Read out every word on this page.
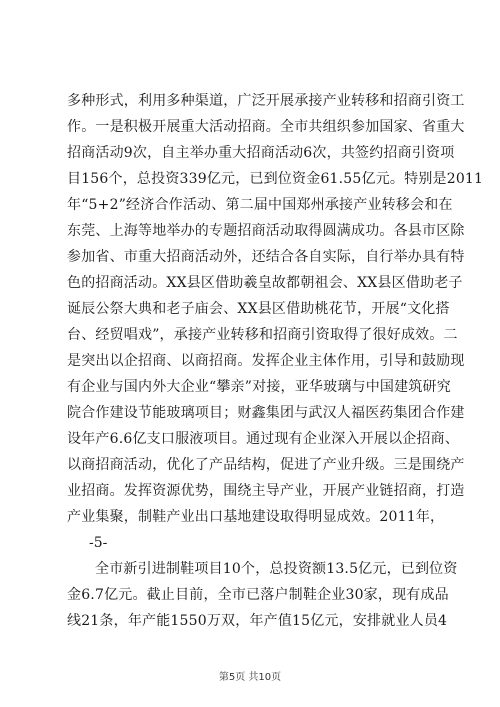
多种形式，利用多种渠道，广泛开展承接产业转移和招商引资工
作。一是积极开展重大活动招商。全市共组织参加国家、省重大
招商活动9次，自主举办重大招商活动6次，共签约招商引资项
目156个，总投资339亿元，已到位资金61.55亿元。特别是2011
年“5+2”经济合作活动、第二届中国郑州承接产业转移会和在
东莞、上海等地举办的专题招商活动取得圆满成功。各县市区除
参加省、市重大招商活动外，还结合各自实际，自行举办具有特
色的招商活动。XX县区借助羲皇故都朝祖会、XX县区借助老子
诞辰公祭大典和老子庙会、XX县区借助桃花节，开展“文化搭
台、经贸唱戏”，承接产业转移和招商引资取得了很好成效。二
是突出以企招商、以商招商。发挥企业主体作用，引导和鼓励现
有企业与国内外大企业“攀亲”对接，亚华玻璃与中国建筑研究
院合作建设节能玻璃项目；财鑫集团与武汉人福医药集团合作建
设年产6.6亿支口服液项目。通过现有企业深入开展以企招商、
以商招商活动，优化了产品结构，促进了产业升级。三是围绕产
业招商。发挥资源优势，围绕主导产业，开展产业链招商，打造
产业集聚，制鞋产业出口基地建设取得明显成效。2011年，
-5-
全市新引进制鞋项目10个，总投资额13.5亿元，已到位资
金6.7亿元。截止目前，全市已落户制鞋企业30家，现有成品
线21条，年产能1550万双，年产值15亿元，安排就业人员4
第5页 共10页
